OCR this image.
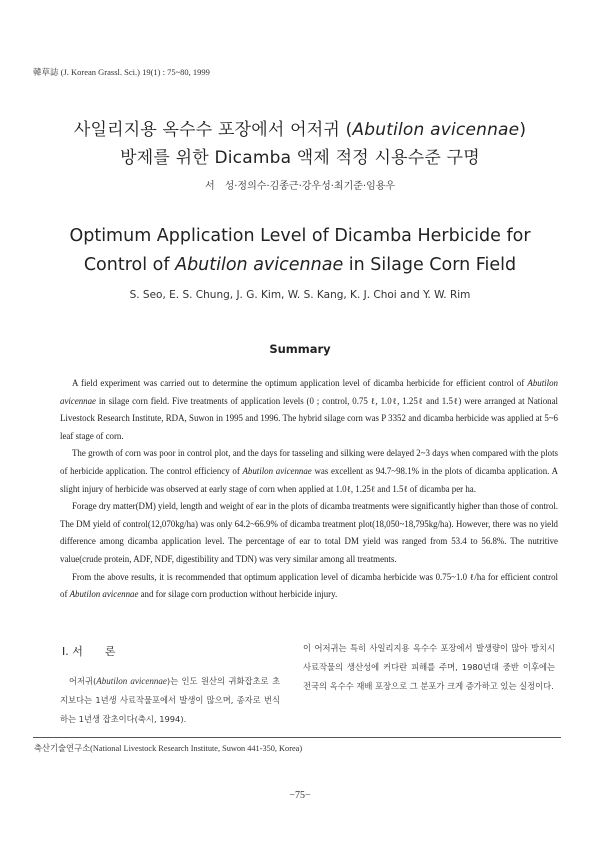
韓草誌 (J. Korean Grassl. Sci.) 19(1) : 75~80, 1999
사일리지용 옥수수 포장에서 어저귀 (Abutilon avicennae)
방제를 위한 Dicamba 액제 적정 시용수준 구명
서　성·정의수·김종근·강우성·최기준·임용우
Optimum Application Level of Dicamba Herbicide for
Control of Abutilon avicennae in Silage Corn Field
S. Seo, E. S. Chung, J. G. Kim, W. S. Kang, K. J. Choi and Y. W. Rim
Summary

A field experiment was carried out to determine the optimum application level of dicamba herbicide for efficient control of Abutilon avicennae in silage corn field. Five treatments of application levels (0 ; control, 0.75 ℓ, 1.0ℓ, 1.25ℓ and 1.5ℓ) were arranged at National Livestock Research Institute, RDA, Suwon in 1995 and 1996. The hybrid silage corn was P 3352 and dicamba herbicide was applied at 5~6 leaf stage of corn.

The growth of corn was poor in control plot, and the days for tasseling and silking were delayed 2~3 days when compared with the plots of herbicide application. The control efficiency of Abutilon avicennae was excellent as 94.7~98.1% in the plots of dicamba application. A slight injury of herbicide was observed at early stage of corn when applied at 1.0ℓ, 1.25ℓ and 1.5ℓ of dicamba per ha.

Forage dry matter(DM) yield, length and weight of ear in the plots of dicamba treatments were significantly higher than those of control. The DM yield of control(12,070kg/ha) was only 64.2~66.9% of dicamba treatment plot(18,050~18,795kg/ha). However, there was no yield difference among dicamba application level. The percentage of ear to total DM yield was ranged from 53.4 to 56.8%. The nutritive value(crude protein, ADF, NDF, digestibility and TDN) was very similar among all treatments.

From the above results, it is recommended that optimum application level of dicamba herbicide was 0.75~1.0 ℓ/ha for efficient control of Abutilon avicennae and for silage corn production without herbicide injury.

Ⅰ. 서　　론

어저귀(Abutilon avicennae)는 인도 원산의 귀화잡초로 초지보다는 1년생 사료작물포에서 발생이 많으며, 종자로 번식하는 1년생 잡초이다(축시, 1994).

이 어저귀는 특히 사일리지용 옥수수 포장에서 발생량이 많아 방치시 사료작물의 생산성에 커다란 피해를 주며, 1980년대 중반 이후에는 전국의 옥수수 재배 포장으로 그 분포가 크게 증가하고 있는 실정이다.

축산기술연구소(National Livestock Research Institute, Suwon 441-350, Korea)
−75−
